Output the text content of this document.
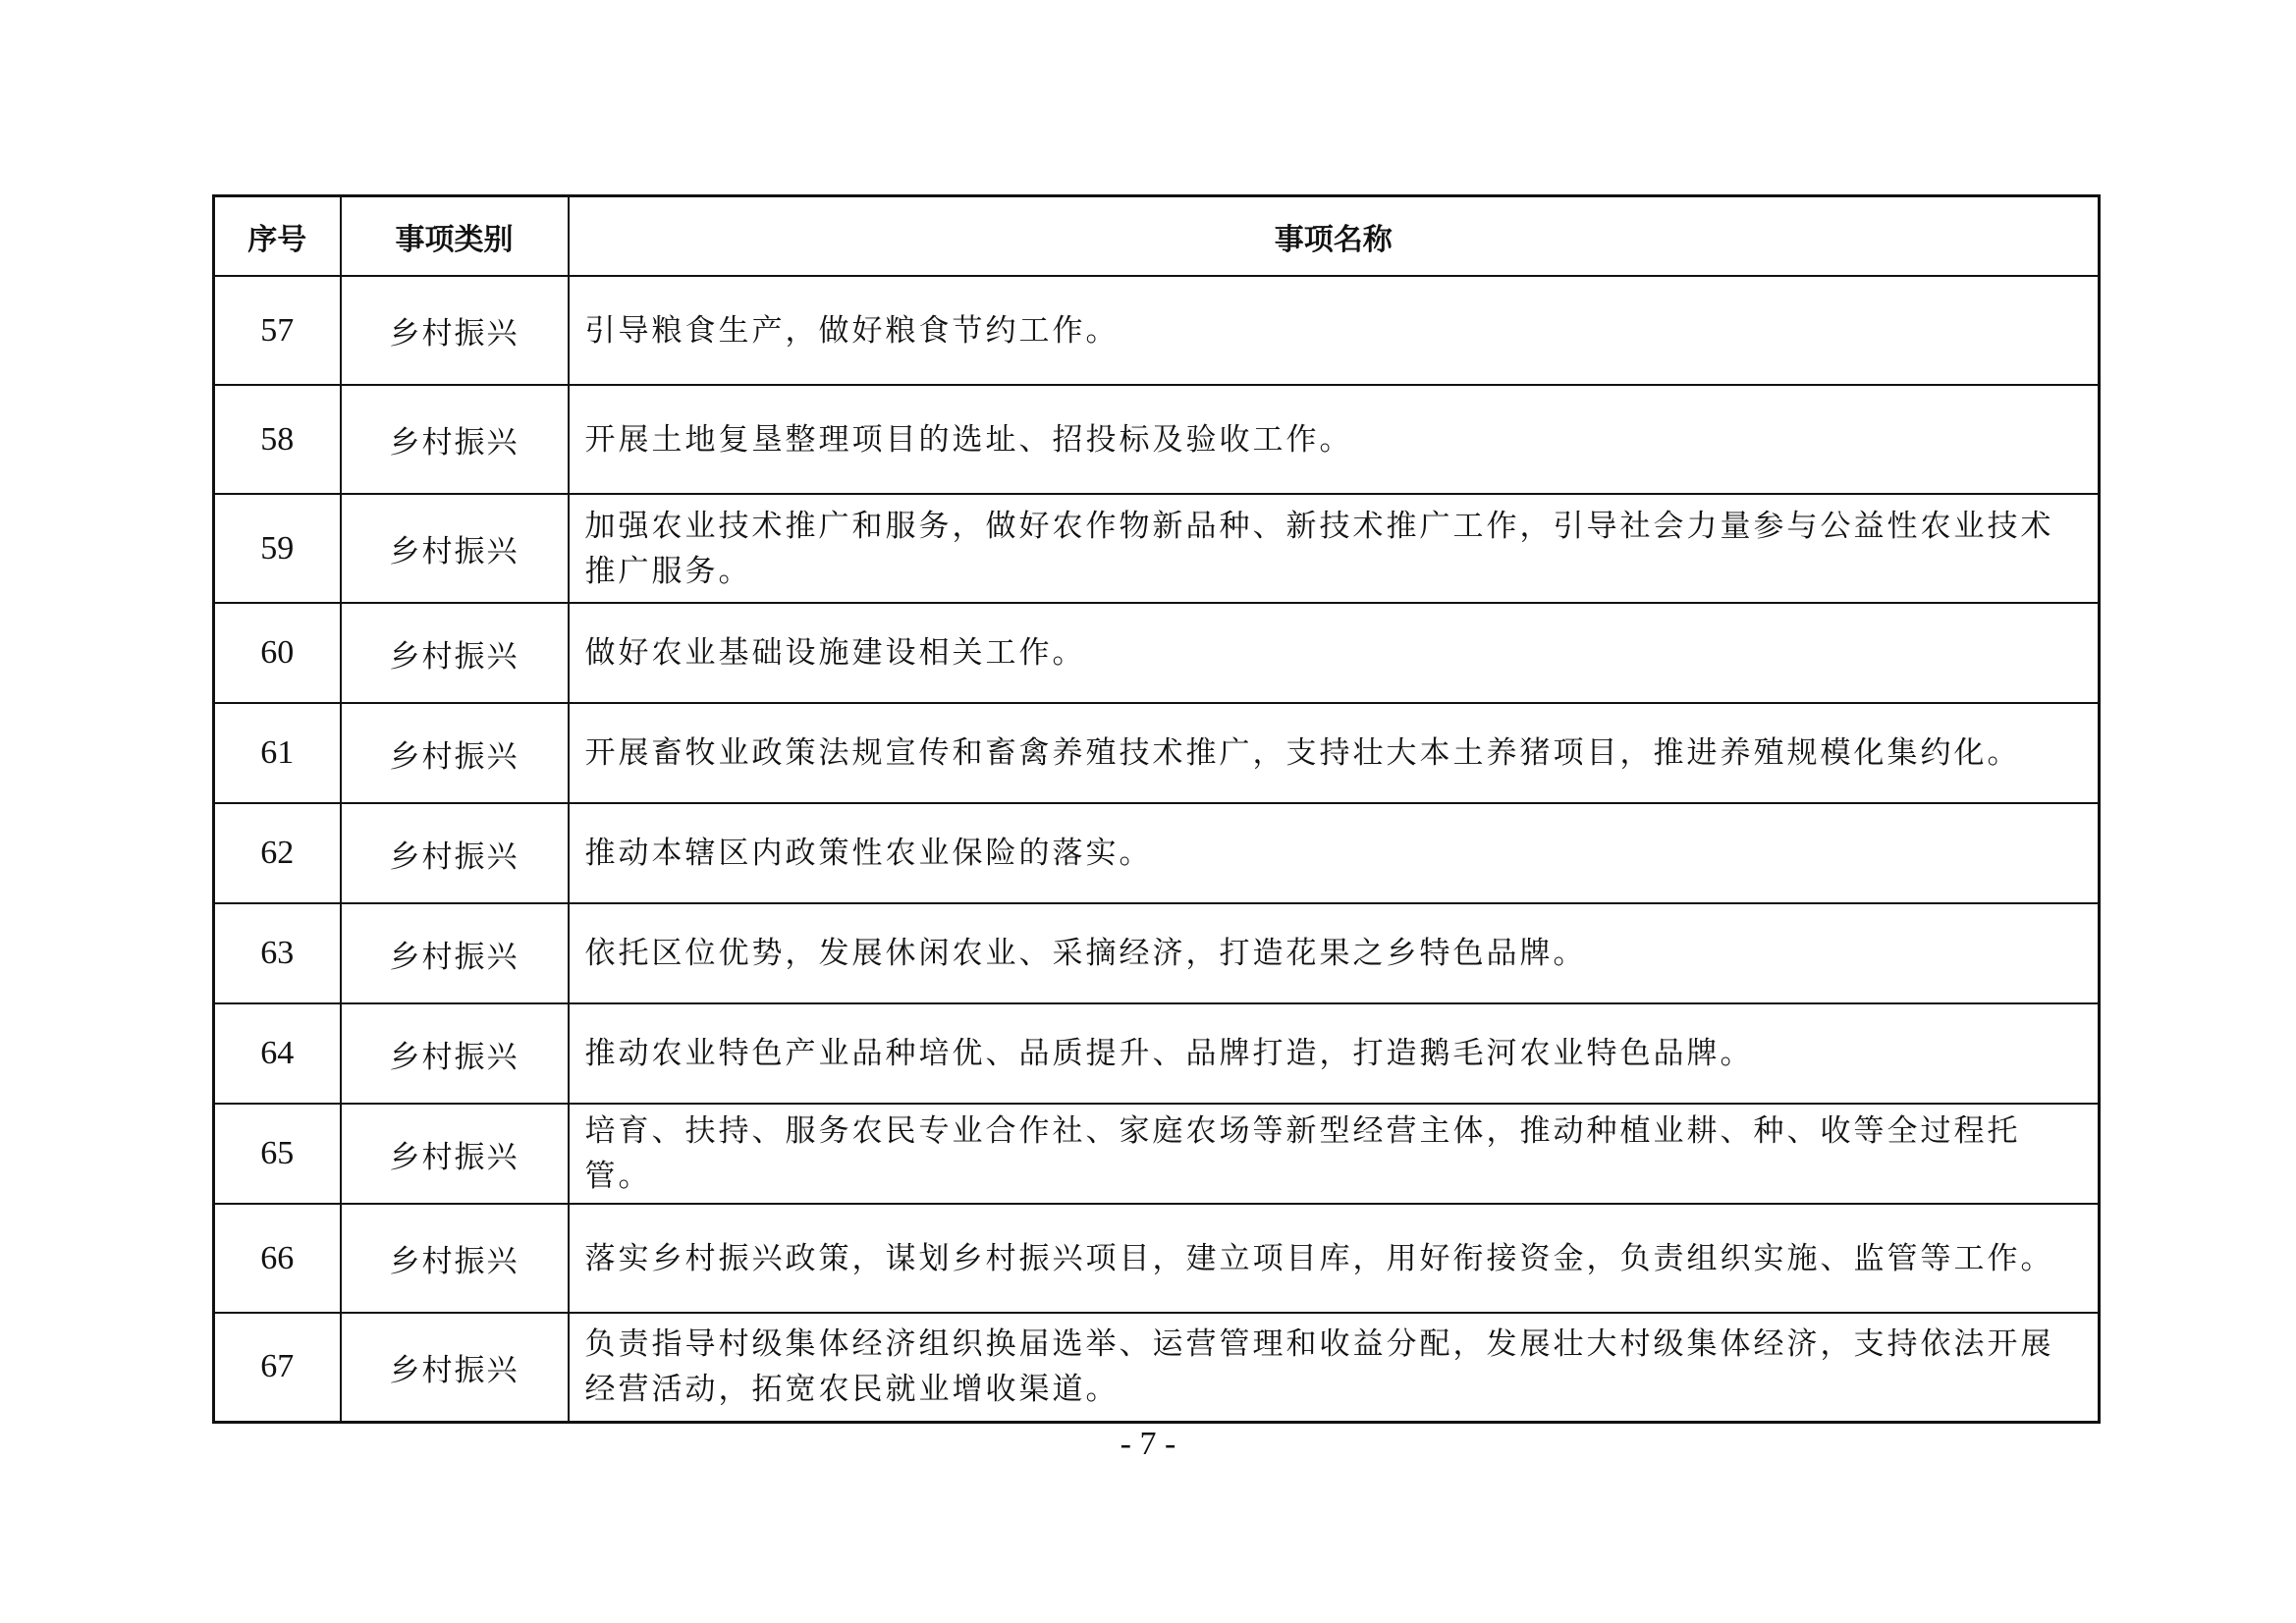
序号	事项类别	事项名称
57	乡村振兴	引导粮食生产，做好粮食节约工作。
58	乡村振兴	开展土地复垦整理项目的选址、招投标及验收工作。
59	乡村振兴	加强农业技术推广和服务，做好农作物新品种、新技术推广工作，引导社会力量参与公益性农业技术推广服务。
60	乡村振兴	做好农业基础设施建设相关工作。
61	乡村振兴	开展畜牧业政策法规宣传和畜禽养殖技术推广，支持壮大本土养猪项目，推进养殖规模化集约化。
62	乡村振兴	推动本辖区内政策性农业保险的落实。
63	乡村振兴	依托区位优势，发展休闲农业、采摘经济，打造花果之乡特色品牌。
64	乡村振兴	推动农业特色产业品种培优、品质提升、品牌打造，打造鹅毛河农业特色品牌。
65	乡村振兴	培育、扶持、服务农民专业合作社、家庭农场等新型经营主体，推动种植业耕、种、收等全过程托管。
66	乡村振兴	落实乡村振兴政策，谋划乡村振兴项目，建立项目库，用好衔接资金，负责组织实施、监管等工作。
67	乡村振兴	负责指导村级集体经济组织换届选举、运营管理和收益分配，发展壮大村级集体经济，支持依法开展经营活动，拓宽农民就业增收渠道。
- 7 -
